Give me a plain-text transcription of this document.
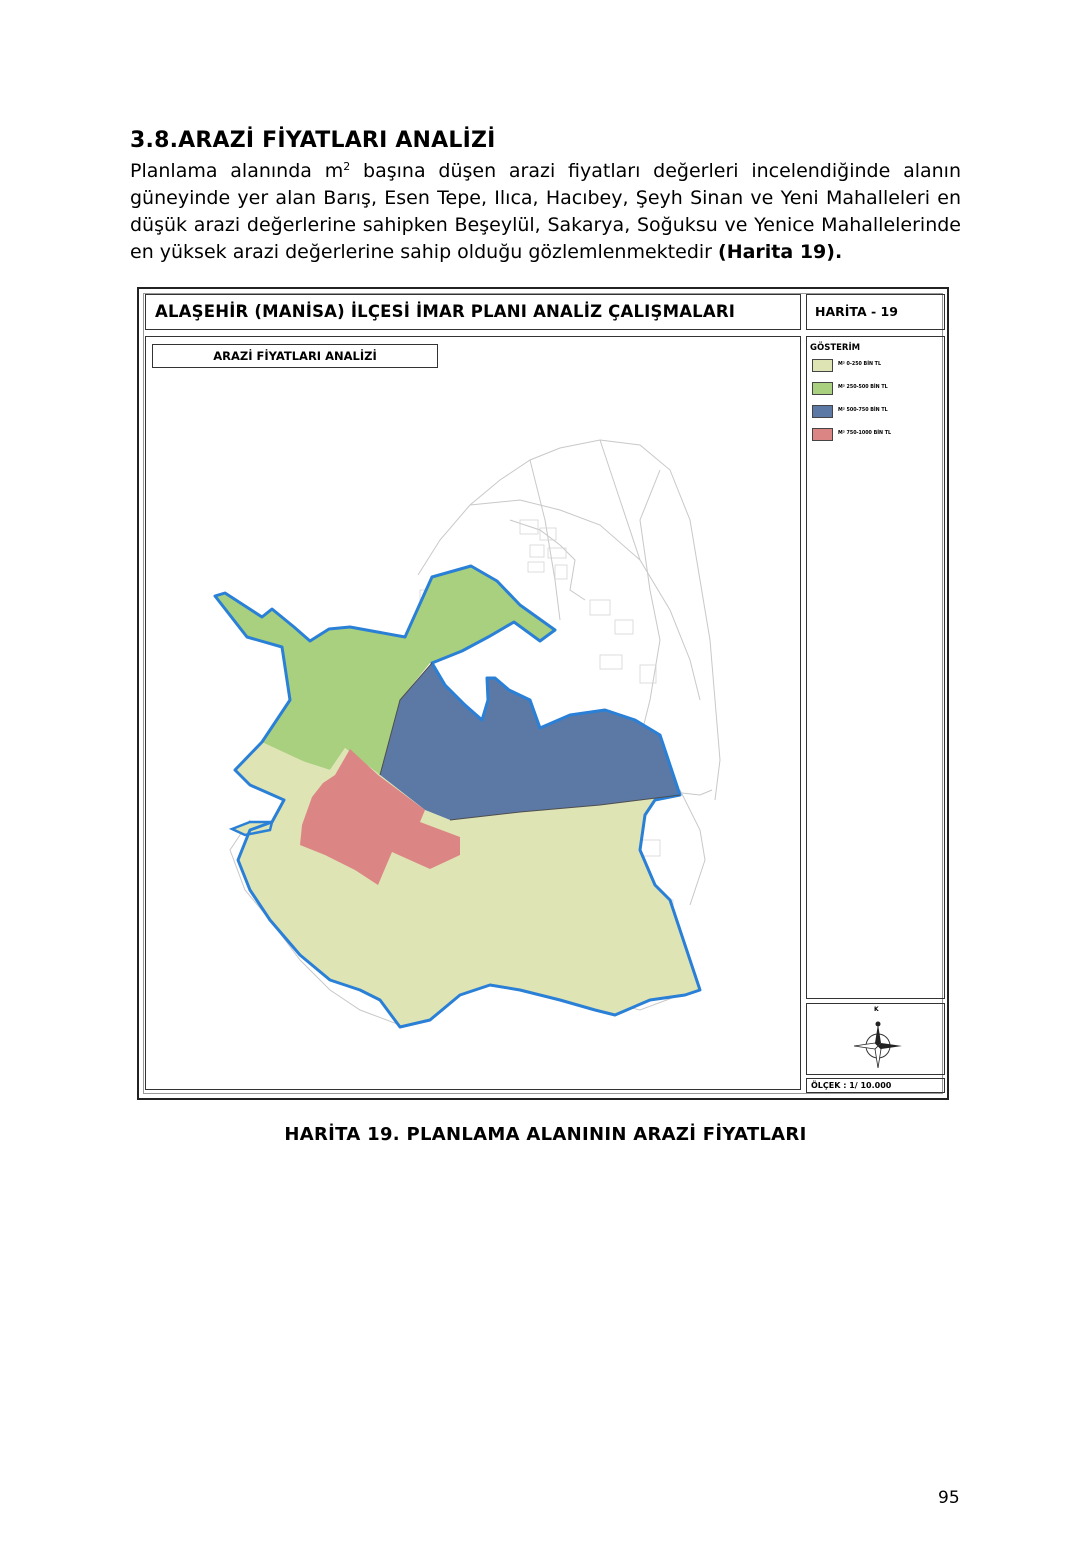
3.8.ARAZİ FİYATLARI ANALİZİ

Planlama alanında $m^2$ başına düşen arazi fiyatları değerleri incelendiğinde alanın güneyinde yer alan Barış, Esen Tepe, Ilıca, Hacıbey, Şeyh Sinan ve Yeni Mahalleleri en düşük arazi değerlerine sahipken Beşeylül, Sakarya, Soğuksu ve Yenice Mahallelerinde en yüksek arazi değerlerine sahip olduğu gözlemlenmektedir (Harita 19).

ALAŞEHİR (MANİSA) İLÇESİ İMAR PLANI ANALİZ ÇALIŞMALARI	HARİTA - 19
ARAZİ FİYATLARI ANALİZİ
GÖSTERİM
M² 0-250 BİN TL
M² 250-500 BİN TL
M² 500-750 BİN TL
M² 750-1000 BİN TL
K
ÖLÇEK : 1/ 10.000

HARİTA 19. PLANLAMA ALANININ ARAZİ FİYATLARI

95
